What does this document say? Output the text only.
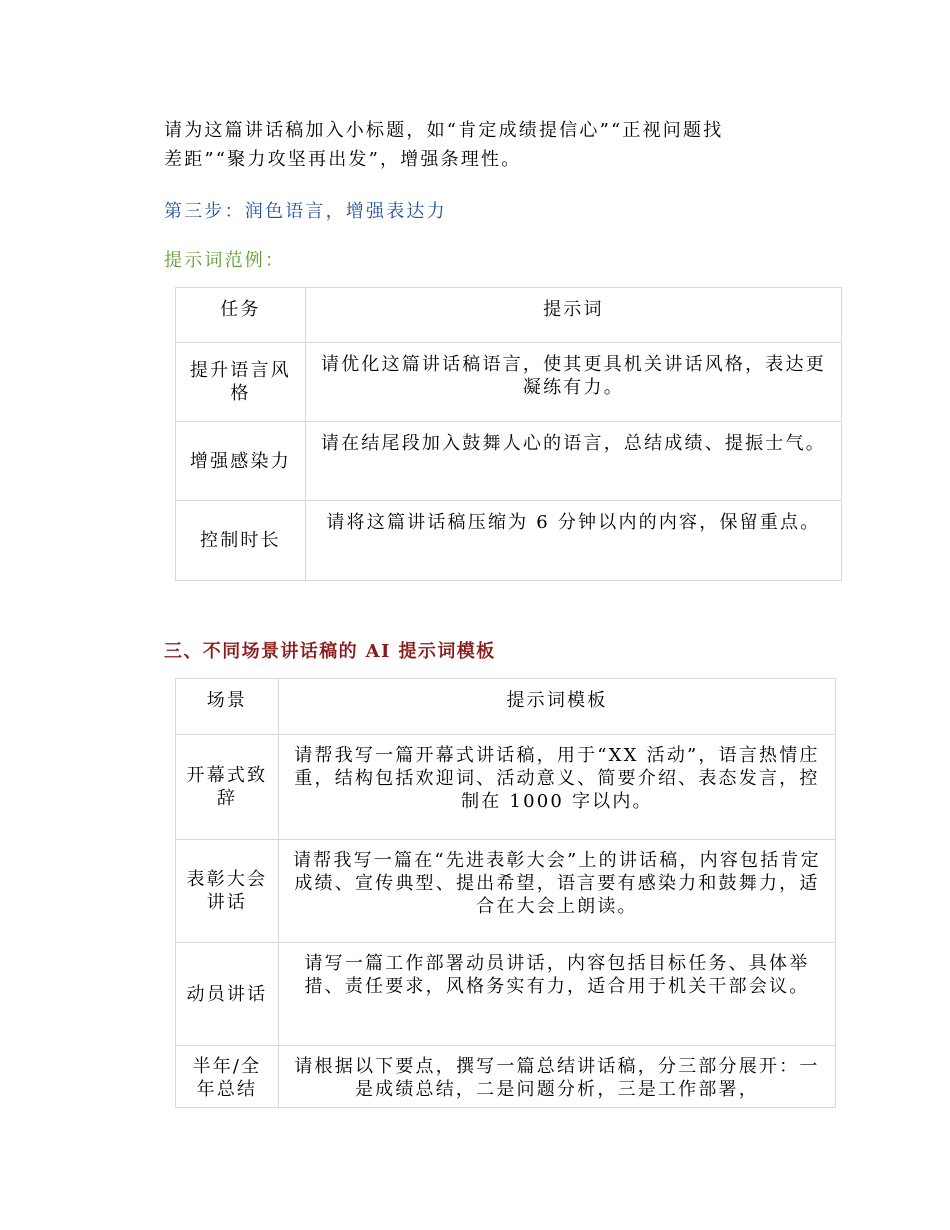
请为这篇讲话稿加入小标题，如“肯定成绩提信心”“正视问题找
差距”“聚力攻坚再出发”，增强条理性。

第三步：润色语言，增强表达力
提示词范例：
任务	提示词
提升语言风格	请优化这篇讲话稿语言，使其更具机关讲话风格，表达更凝练有力。
增强感染力	请在结尾段加入鼓舞人心的语言，总结成绩、提振士气。
控制时长	请将这篇讲话稿压缩为 6 分钟以内的内容，保留重点。
三、不同场景讲话稿的 AI 提示词模板
场景	提示词模板
开幕式致辞	请帮我写一篇开幕式讲话稿，用于“XX 活动”，语言热情庄重，结构包括欢迎词、活动意义、简要介绍、表态发言，控制在 1000 字以内。
表彰大会讲话	请帮我写一篇在“先进表彰大会”上的讲话稿，内容包括肯定成绩、宣传典型、提出希望，语言要有感染力和鼓舞力，适合在大会上朗读。
动员讲话	请写一篇工作部署动员讲话，内容包括目标任务、具体举措、责任要求，风格务实有力，适合用于机关干部会议。
半年/全年总结	请根据以下要点，撰写一篇总结讲话稿，分三部分展开：一是成绩总结，二是问题分析，三是工作部署，
